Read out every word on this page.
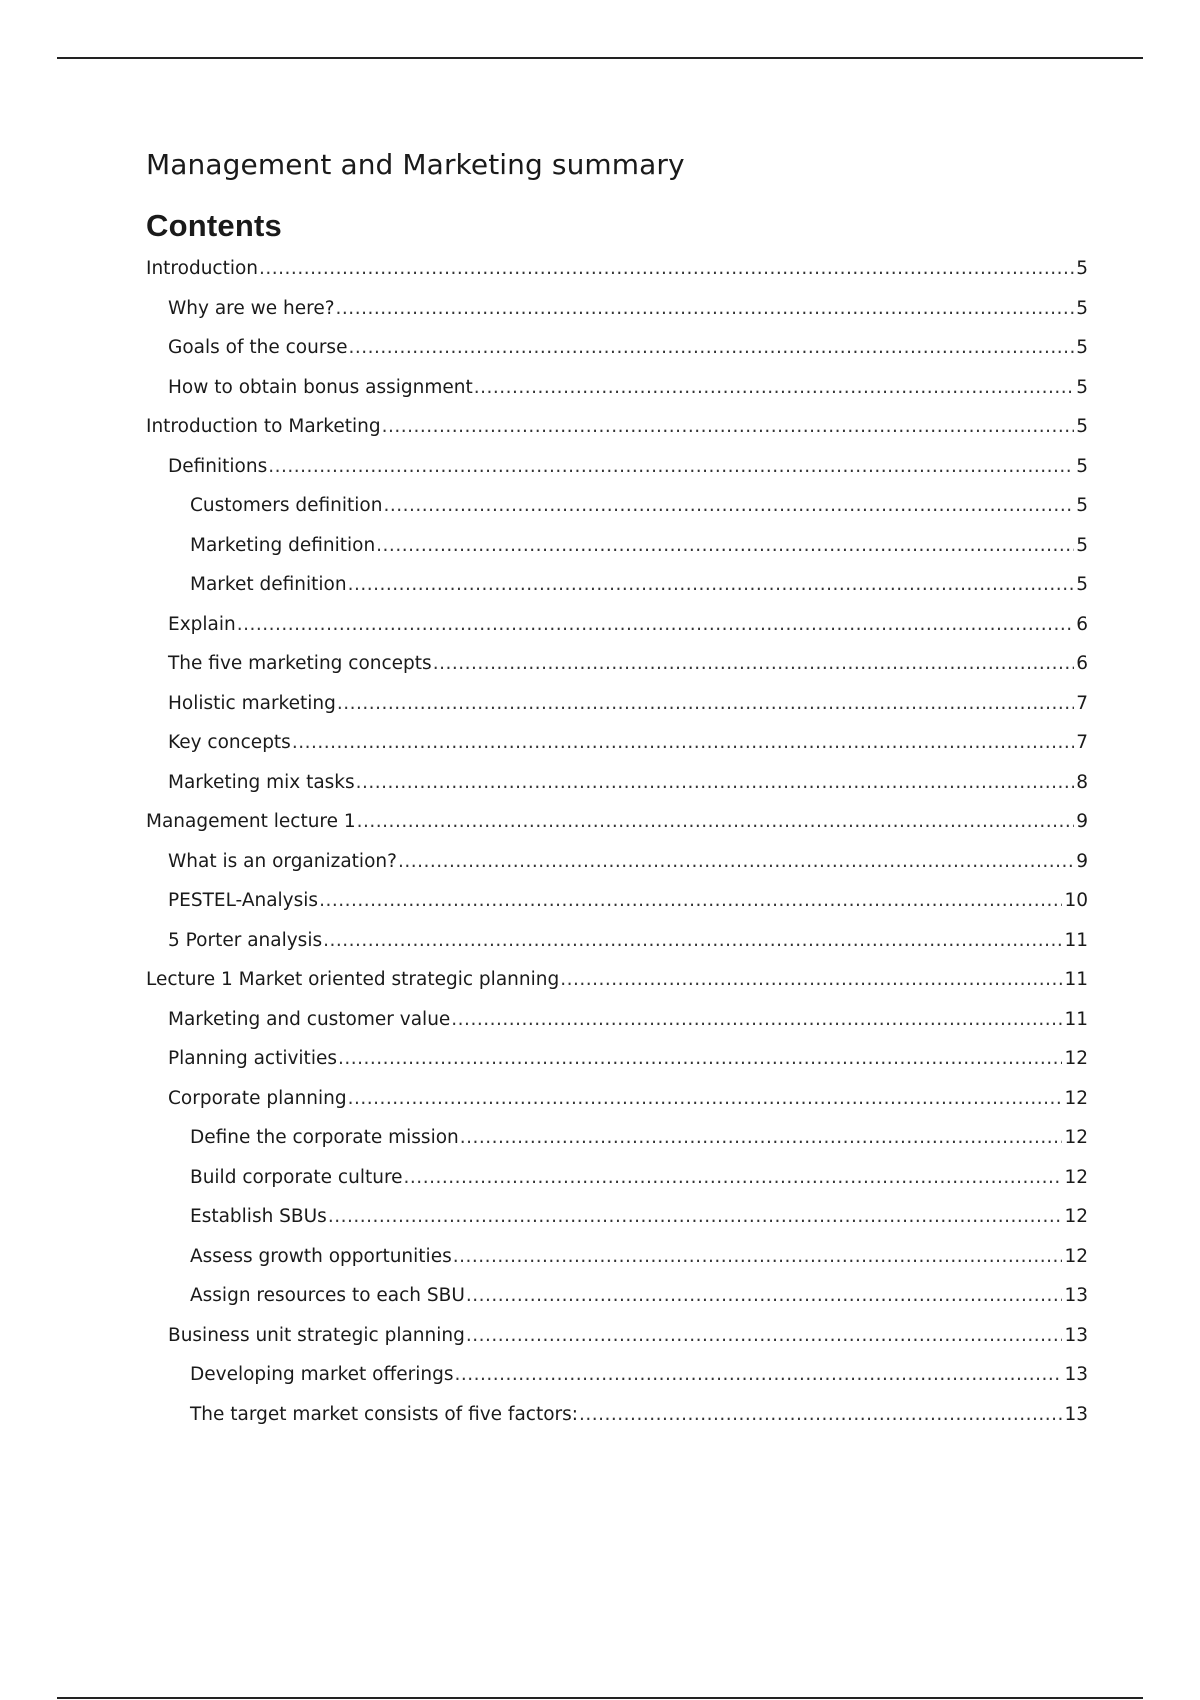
Management and Marketing summary
Contents
Introduction .....	5
Why are we here? .....	5
Goals of the course .....	5
How to obtain bonus assignment .....	5
Introduction to Marketing .....	5
Definitions .....	5
Customers definition .....	5
Marketing definition .....	5
Market definition .....	5
Explain .....	6
The five marketing concepts .....	6
Holistic marketing .....	7
Key concepts .....	7
Marketing mix tasks .....	8
Management lecture 1 .....	9
What is an organization? .....	9
PESTEL-Analysis .....	10
5 Porter analysis .....	11
Lecture 1 Market oriented strategic planning .....	11
Marketing and customer value .....	11
Planning activities .....	12
Corporate planning .....	12
Define the corporate mission .....	12
Build corporate culture .....	12
Establish SBUs .....	12
Assess growth opportunities .....	12
Assign resources to each SBU .....	13
Business unit strategic planning .....	13
Developing market offerings .....	13
The target market consists of five factors: .....	13
